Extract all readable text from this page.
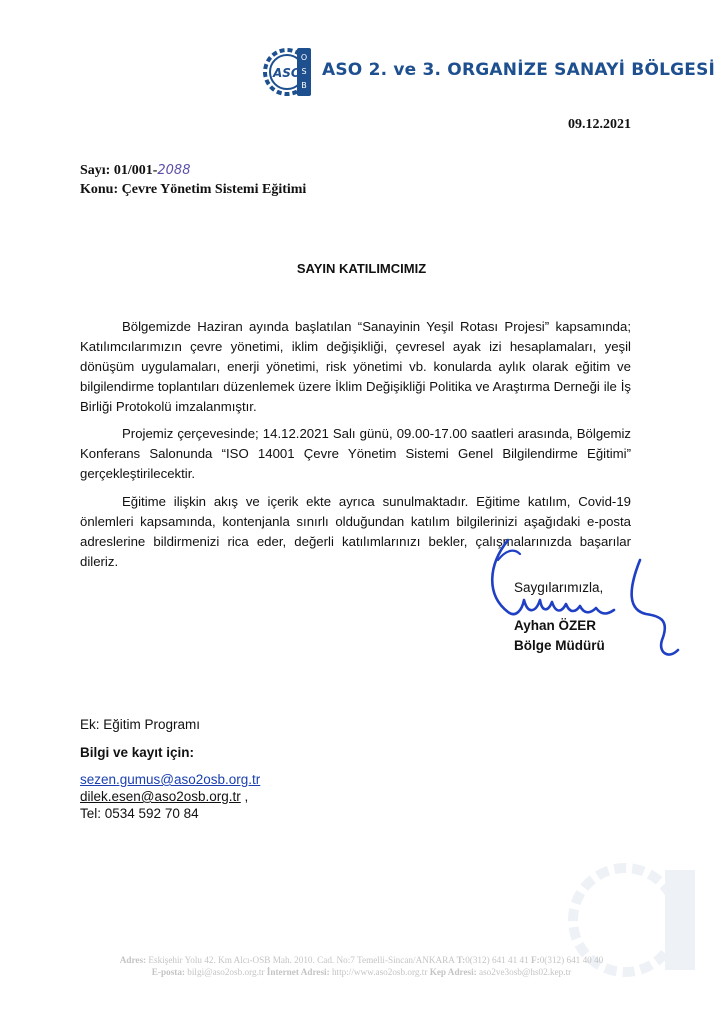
ASO
O
S
B
ASO 2. ve 3. ORGANİZE SANAYİ BÖLGESİ
09.12.2021
Sayı: 01/001-2088
Konu: Çevre Yönetim Sistemi Eğitimi
SAYIN KATILIMCIMIZ

Bölgemizde Haziran ayında başlatılan “Sanayinin Yeşil Rotası Projesi” kapsamında; Katılımcılarımızın çevre yönetimi, iklim değişikliği, çevresel ayak izi hesaplamaları, yeşil dönüşüm uygulamaları, enerji yönetimi, risk yönetimi vb. konularda aylık olarak eğitim ve bilgilendirme toplantıları düzenlemek üzere İklim Değişikliği Politika ve Araştırma Derneği ile İş Birliği Protokolü imzalanmıştır.

Projemiz çerçevesinde; 14.12.2021 Salı günü, 09.00-17.00 saatleri arasında, Bölgemiz Konferans Salonunda “ISO 14001 Çevre Yönetim Sistemi Genel Bilgilendirme Eğitimi” gerçekleştirilecektir.

Eğitime ilişkin akış ve içerik ekte ayrıca sunulmaktadır. Eğitime katılım, Covid-19 önlemleri kapsamında, kontenjanla sınırlı olduğundan katılım bilgilerinizi aşağıdaki e-posta adreslerine bildirmenizi rica eder, değerli katılımlarınızı bekler, çalışmalarınızda başarılar dileriz.

Saygılarımızla,
Ayhan ÖZER
Bölge Müdürü
Ek: Eğitim Programı
Bilgi ve kayıt için:
sezen.gumus@aso2osb.org.tr
dilek.esen@aso2osb.org.tr ,
Tel: 0534 592 70 84
Adres: Eskişehir Yolu 42. Km Alcı-OSB Mah. 2010. Cad. No:7 Temelli-Sincan/ANKARA T:0(312) 641 41 41 F:0(312) 641 40 40
E-posta: bilgi@aso2osb.org.tr İnternet Adresi: http://www.aso2osb.org.tr Kep Adresi: aso2ve3osb@hs02.kep.tr
